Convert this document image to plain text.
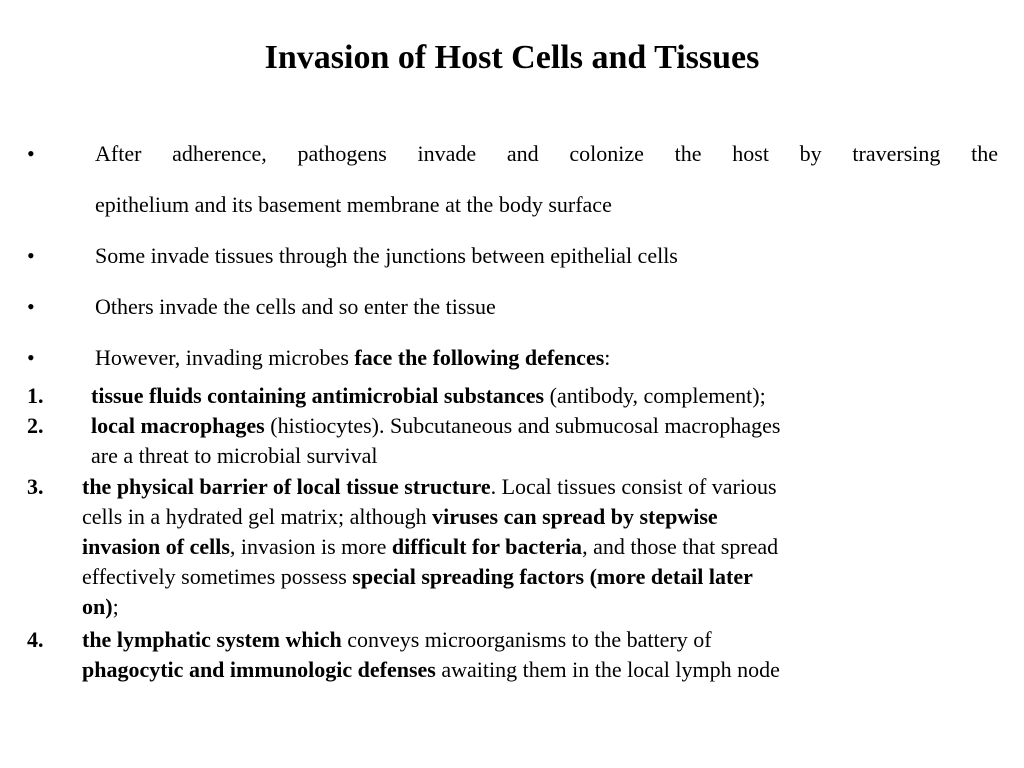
Invasion of Host Cells and Tissues
•	After adherence, pathogens invade and colonize the host by traversing the
epithelium and its basement membrane at the body surface
•	Some invade tissues through the junctions between epithelial cells
•	Others invade the cells and so enter the tissue
•	However, invading microbes face the following defences:
1. tissue fluids containing antimicrobial substances (antibody, complement);
2. local macrophages (histiocytes). Subcutaneous and submucosal macrophages
are a threat to microbial survival
3. the physical barrier of local tissue structure. Local tissues consist of various
cells in a hydrated gel matrix; although viruses can spread by stepwise
invasion of cells, invasion is more difficult for bacteria, and those that spread
effectively sometimes possess special spreading factors (more detail later
on);
4. the lymphatic system which conveys microorganisms to the battery of
phagocytic and immunologic defenses awaiting them in the local lymph node
